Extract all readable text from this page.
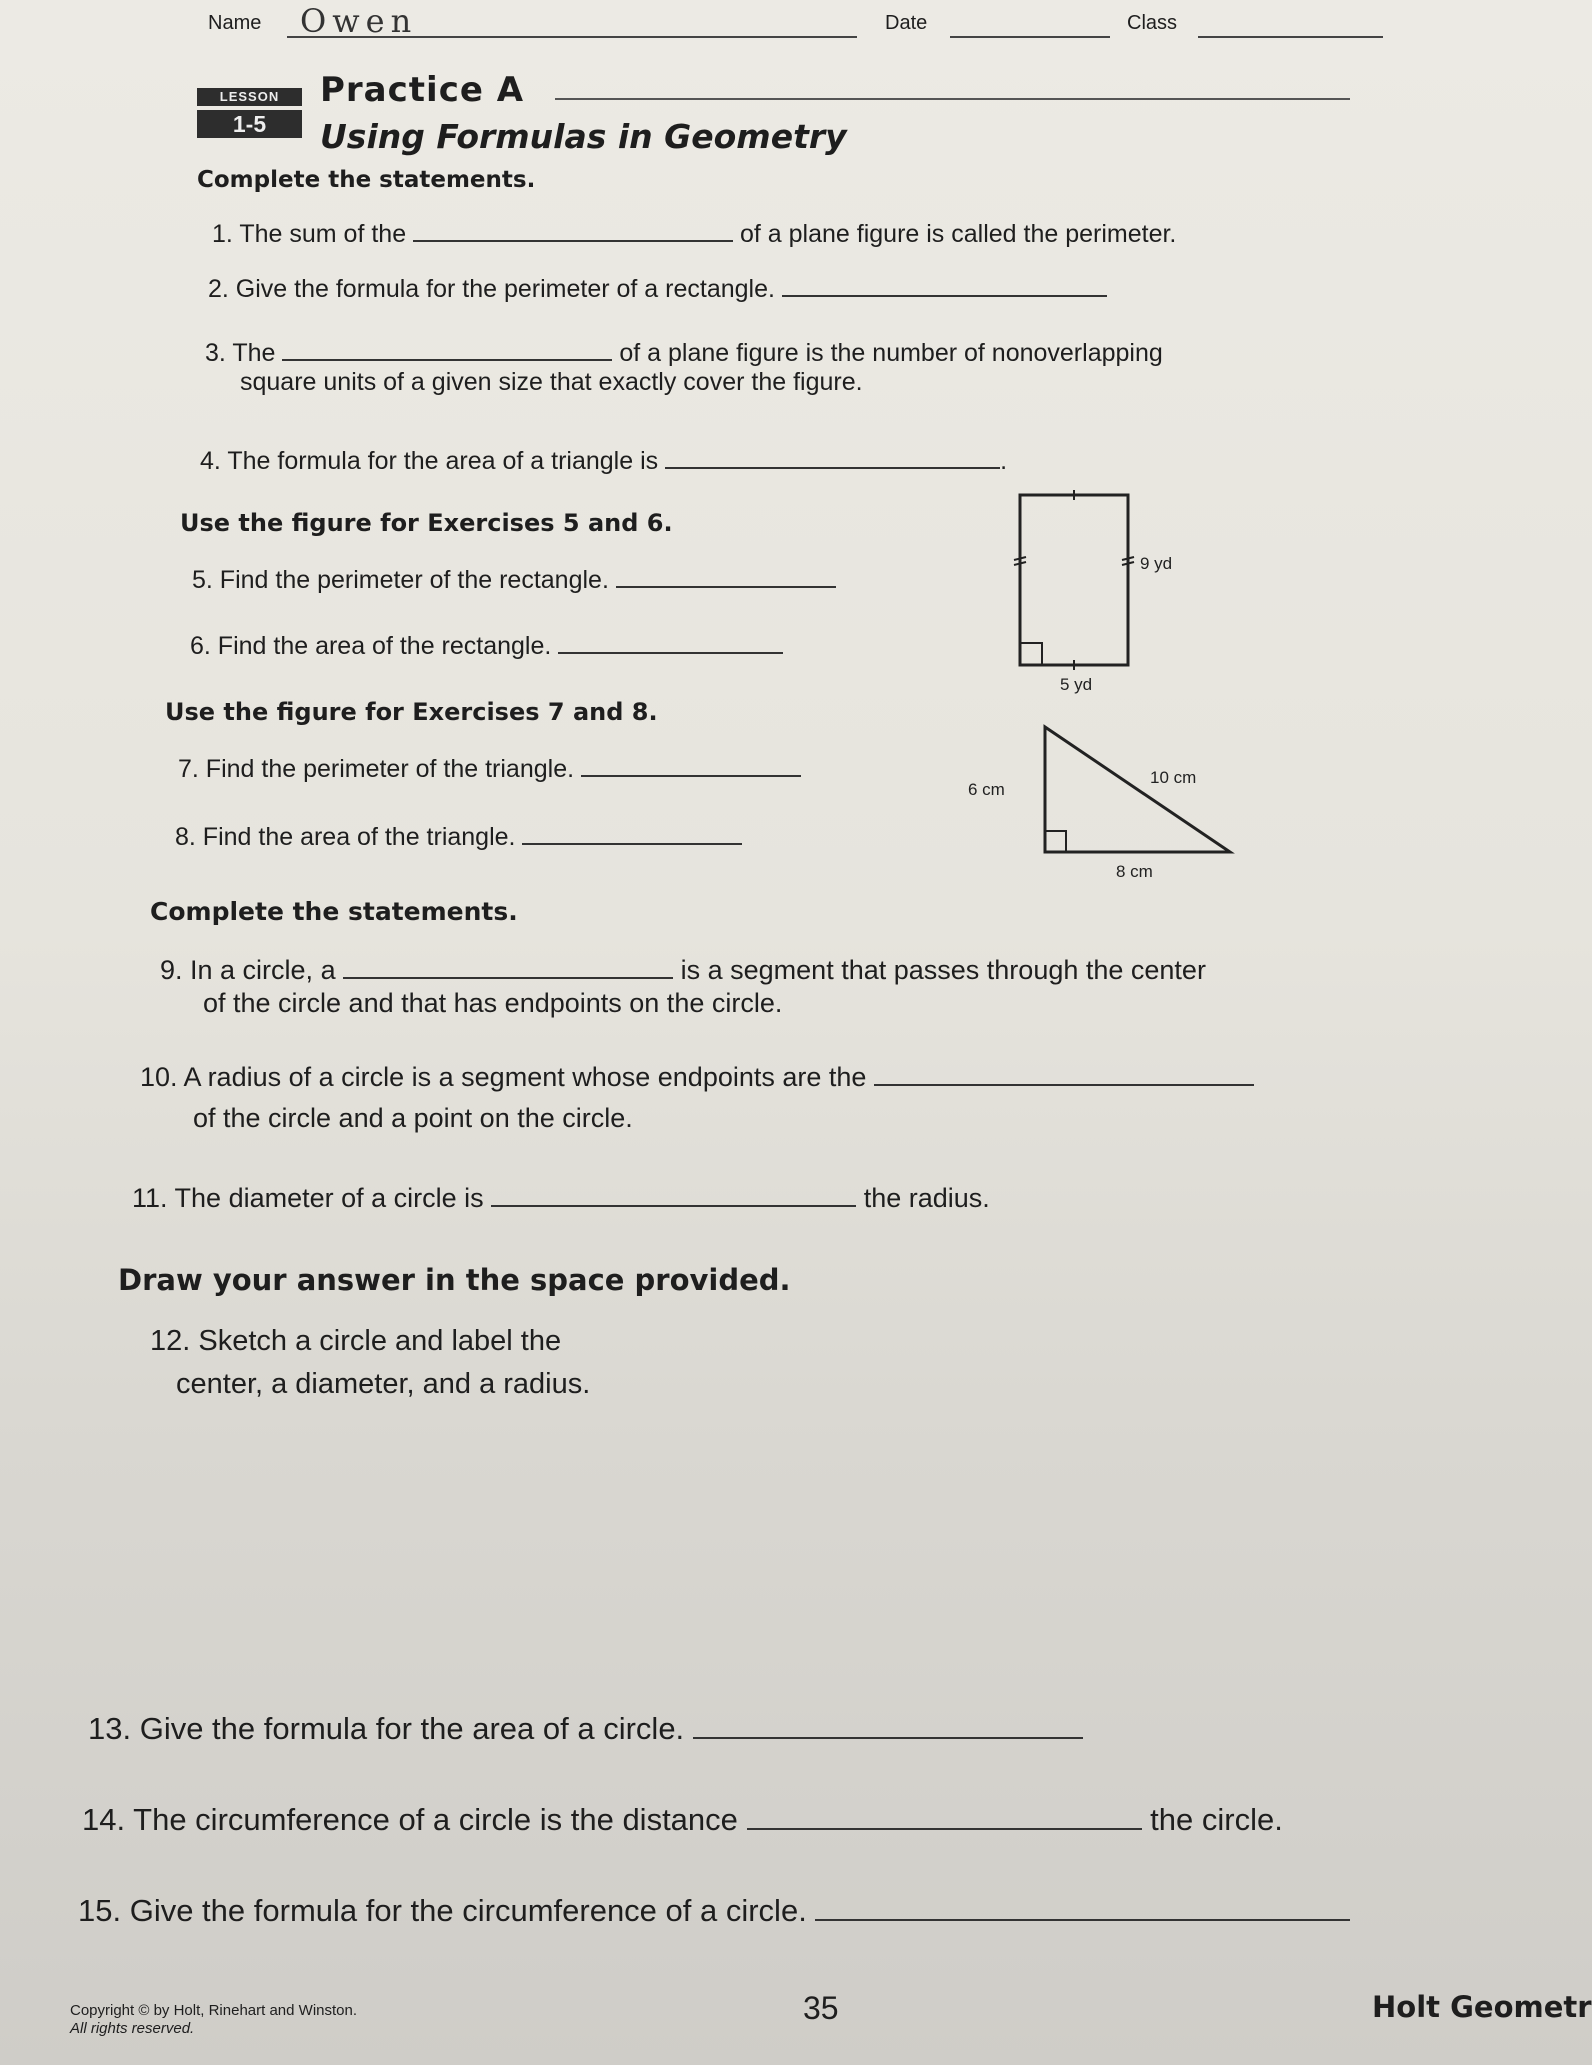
Name Owen	Date	Class
LESSON
1-5
Practice A
Using Formulas in Geometry
Complete the statements.
1. The sum of the	of a plane figure is called the perimeter.
2. Give the formula for the perimeter of a rectangle.
3. The	of a plane figure is the number of nonoverlapping
square units of a given size that exactly cover the figure.
4. The formula for the area of a triangle is	.
Use the figure for Exercises 5 and 6.
5. Find the perimeter of the rectangle.
6. Find the area of the rectangle.
9 yd
5 yd
Use the figure for Exercises 7 and 8.
7. Find the perimeter of the triangle.
8. Find the area of the triangle.
6 cm
10 cm
8 cm
Complete the statements.
9. In a circle, a	is a segment that passes through the center
of the circle and that has endpoints on the circle.
10. A radius of a circle is a segment whose endpoints are the
of the circle and a point on the circle.
11. The diameter of a circle is	the radius.
Draw your answer in the space provided.
12. Sketch a circle and label the
center, a diameter, and a radius.
13. Give the formula for the area of a circle.
14. The circumference of a circle is the distance	the circle.
15. Give the formula for the circumference of a circle.
Copyright © by Holt, Rinehart and Winston.
All rights reserved.
35	Holt Geometr
